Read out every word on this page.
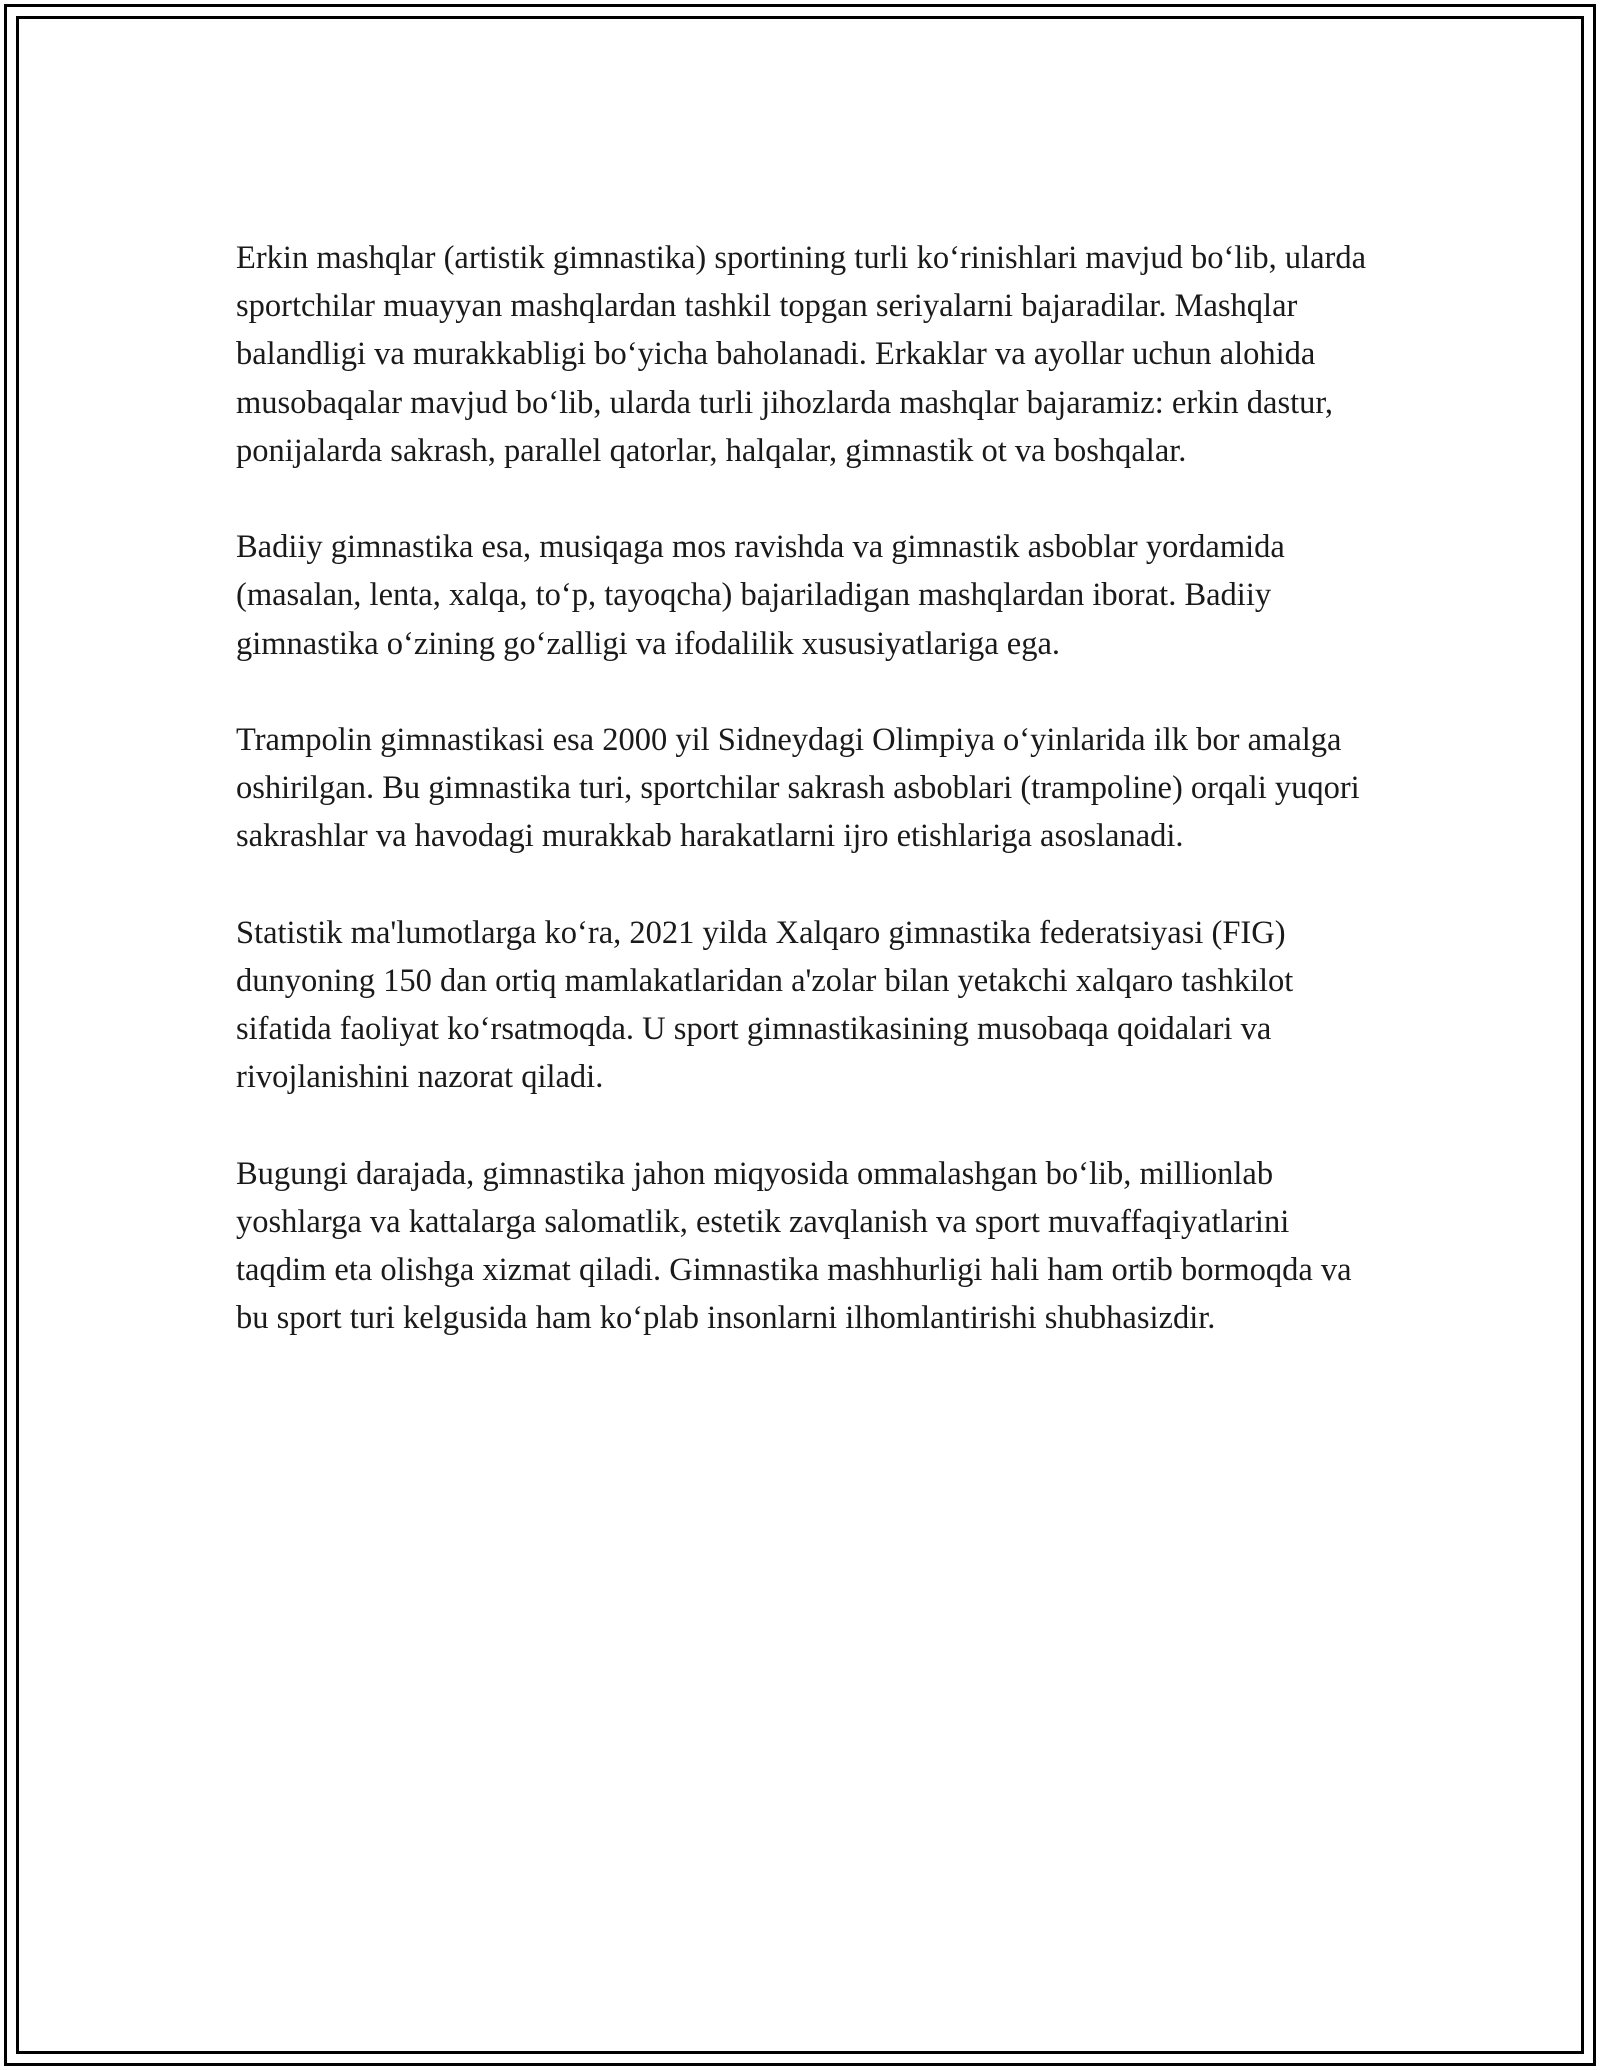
Erkin mashqlar (artistik gimnastika) sportining turli ko‘rinishlari mavjud bo‘lib, ularda sportchilar muayyan mashqlardan tashkil topgan seriyalarni bajaradilar. Mashqlar balandligi va murakkabligi bo‘yicha baholanadi. Erkaklar va ayollar uchun alohida musobaqalar mavjud bo‘lib, ularda turli jihozlarda mashqlar bajaramiz: erkin dastur, ponijalarda sakrash, parallel qatorlar, halqalar, gimnastik ot va boshqalar.

Badiiy gimnastika esa, musiqaga mos ravishda va gimnastik asboblar yordamida (masalan, lenta, xalqa, to‘p, tayoqcha) bajariladigan mashqlardan iborat. Badiiy gimnastika o‘zining go‘zalligi va ifodalilik xususiyatlariga ega.

Trampolin gimnastikasi esa 2000 yil Sidneydagi Olimpiya o‘yinlarida ilk bor amalga oshirilgan. Bu gimnastika turi, sportchilar sakrash asboblari (trampoline) orqali yuqori sakrashlar va havodagi murakkab harakatlarni ijro etishlariga asoslanadi.

Statistik ma'lumotlarga ko‘ra, 2021 yilda Xalqaro gimnastika federatsiyasi (FIG) dunyoning 150 dan ortiq mamlakatlaridan a'zolar bilan yetakchi xalqaro tashkilot sifatida faoliyat ko‘rsatmoqda. U sport gimnastikasining musobaqa qoidalari va rivojlanishini nazorat qiladi.

Bugungi darajada, gimnastika jahon miqyosida ommalashgan bo‘lib, millionlab yoshlarga va kattalarga salomatlik, estetik zavqlanish va sport muvaffaqiyatlarini taqdim eta olishga xizmat qiladi. Gimnastika mashhurligi hali ham ortib bormoqda va bu sport turi kelgusida ham ko‘plab insonlarni ilhomlantirishi shubhasizdir.
